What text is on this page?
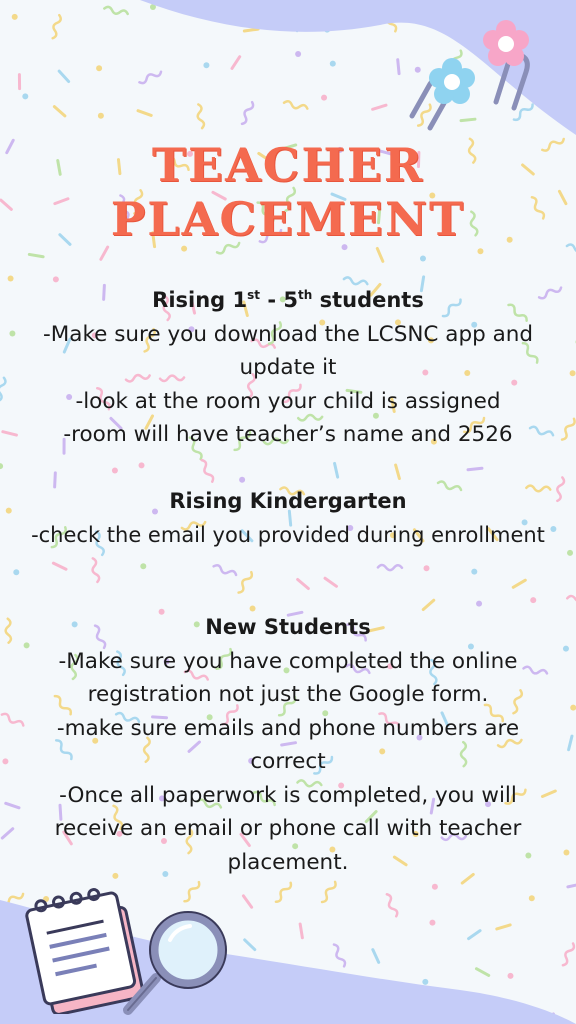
TEACHER
PLACEMENT
Rising 1st - 5th students
-Make sure you download the LCSNC app and
update it
-look at the room your child is assigned
-room will have teacher’s name and 2526
Rising Kindergarten
-check the email you provided during enrollment
New Students
-Make sure you have completed the online
registration not just the Google form.
-make sure emails and phone numbers are
correct
-Once all paperwork is completed, you will
receive an email or phone call with teacher
placement.
